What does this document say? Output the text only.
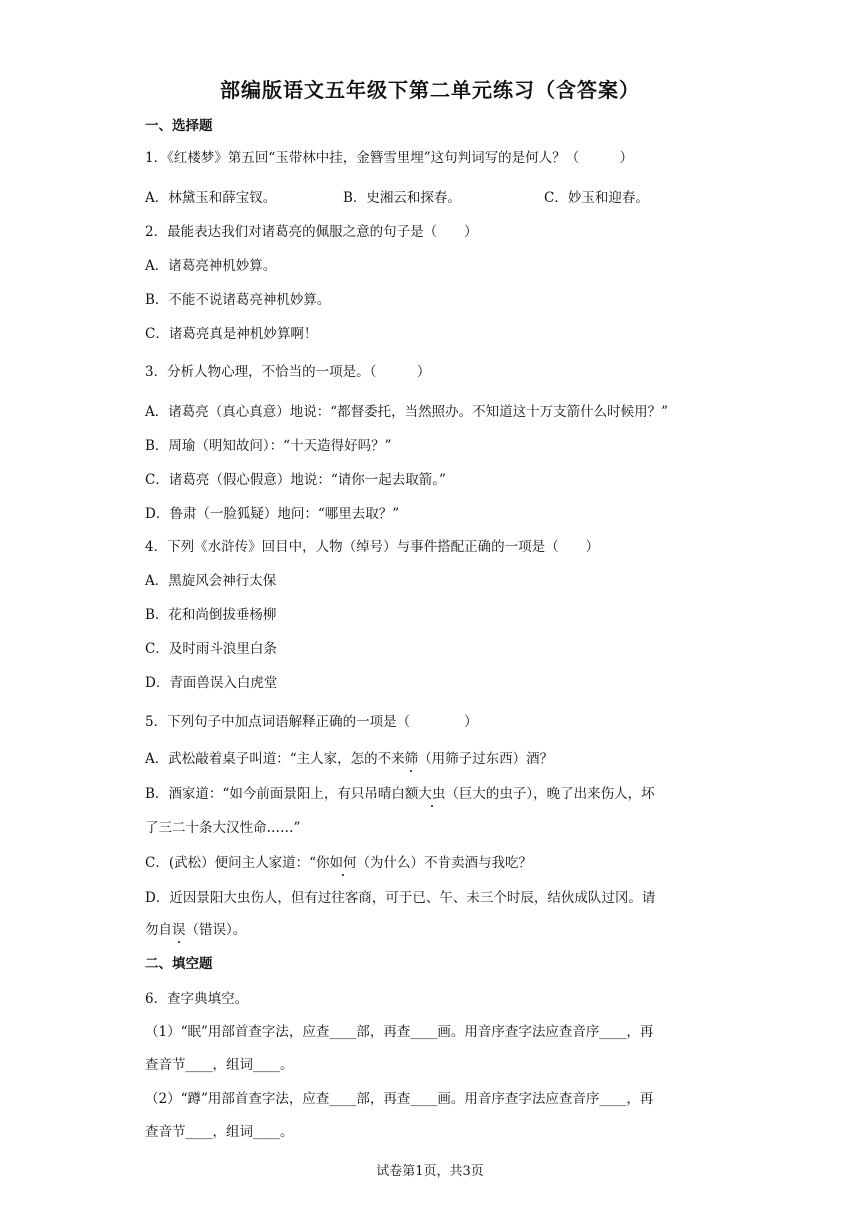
部编版语文五年级下第二单元练习（含答案）
一、选择题
1．《红楼梦》第五回“玉带林中挂，金簪雪里埋”这句判词写的是何人？（　　　）
A．林黛玉和薛宝钗。	B．史湘云和探春。	C．妙玉和迎春。
2．最能表达我们对诸葛亮的佩服之意的句子是（　　）
A．诸葛亮神机妙算。
B．不能不说诸葛亮神机妙算。
C．诸葛亮真是神机妙算啊！
3．分析人物心理，不恰当的一项是。（　　　）
A．诸葛亮（真心真意）地说：“都督委托，当然照办。不知道这十万支箭什么时候用？”
B．周瑜（明知故问）：“十天造得好吗？”
C．诸葛亮（假心假意）地说：“请你一起去取箭。”
D．鲁肃（一脸狐疑）地问：“哪里去取？”
4．下列《水浒传》回目中，人物（绰号）与事件搭配正确的一项是（　　）
A．黑旋风会神行太保
B．花和尚倒拔垂杨柳
C．及时雨斗浪里白条
D．青面兽误入白虎堂
5．下列句子中加点词语解释正确的一项是（　　　　）
A．武松敲着桌子叫道：“主人家，怎的不来筛（用筛子过东西）酒？
B．酒家道：“如今前面景阳上，有只吊晴白额大虫（巨大的虫子），晚了出来伤人，坏
了三二十条大汉性命……”
C．(武松）便问主人家道：“你如何（为什么）不肯卖酒与我吃？
D．近因景阳大虫伤人，但有过往客商，可于已、午、未三个时辰，结伙成队过冈。请
勿自误（错误）。
二、填空题
6．查字典填空。
（1）“眠”用部首查字法，应查____部，再查____画。用音序查字法应查音序____，再
查音节____，组词____。
（2）“蹲”用部首查字法，应查____部，再查____画。用音序查字法应查音序____，再
查音节____，组词____。
试卷第1页，共3页
